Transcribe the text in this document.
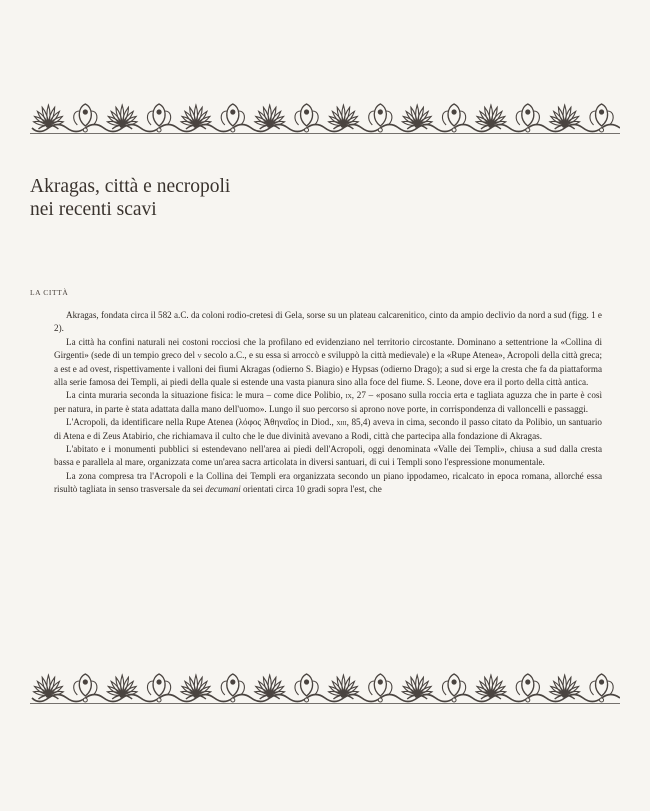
Akragas, città e necropoli
nei recenti scavi
LA CITTÀ

Akragas, fondata circa il 582 a.C. da coloni rodio-cretesi di Gela, sorse su un plateau calcarenitico, cinto da ampio declivio da nord a sud (figg. 1 e 2).

La città ha confini naturali nei costoni rocciosi che la profilano ed evidenziano nel territorio circostante. Dominano a settentrione la «Collina di Girgenti» (sede di un tempio greco del v secolo a.C., e su essa si arroccò e sviluppò la città medievale) e la «Rupe Atenea», Acropoli della città greca; a est e ad ovest, rispettivamente i valloni dei fiumi Akragas (odierno S. Biagio) e Hypsas (odierno Drago); a sud si erge la cresta che fa da piattaforma alla serie famosa dei Templi, ai piedi della quale si estende una vasta pianura sino alla foce del fiume. S. Leone, dove era il porto della città antica.

La cinta muraria seconda la situazione fisica: le mura – come dice Polibio, ix, 27 – «posano sulla roccia erta e tagliata aguzza che in parte è così per natura, in parte è stata adattata dalla mano dell'uomo». Lungo il suo percorso si aprono nove porte, in corrispondenza di valloncelli e passaggi.

L'Acropoli, da identificare nella Rupe Atenea (λόφος Ἀθηναῖος in Diod., xiii, 85,4) aveva in cima, secondo il passo citato da Polibio, un santuario di Atena e di Zeus Atabirio, che richiamava il culto che le due divinità avevano a Rodi, città che partecipa alla fondazione di Akragas.

L'abitato e i monumenti pubblici si estendevano nell'area ai piedi dell'Acropoli, oggi denominata «Valle dei Templi», chiusa a sud dalla cresta bassa e parallela al mare, organizzata come un'area sacra articolata in diversi santuari, di cui i Templi sono l'espressione monumentale.

La zona compresa tra l'Acropoli e la Collina dei Templi era organizzata secondo un piano ippodameo, ricalcato in epoca romana, allorché essa risultò tagliata in senso trasversale da sei decumani orientati circa 10 gradi sopra l'est, che
